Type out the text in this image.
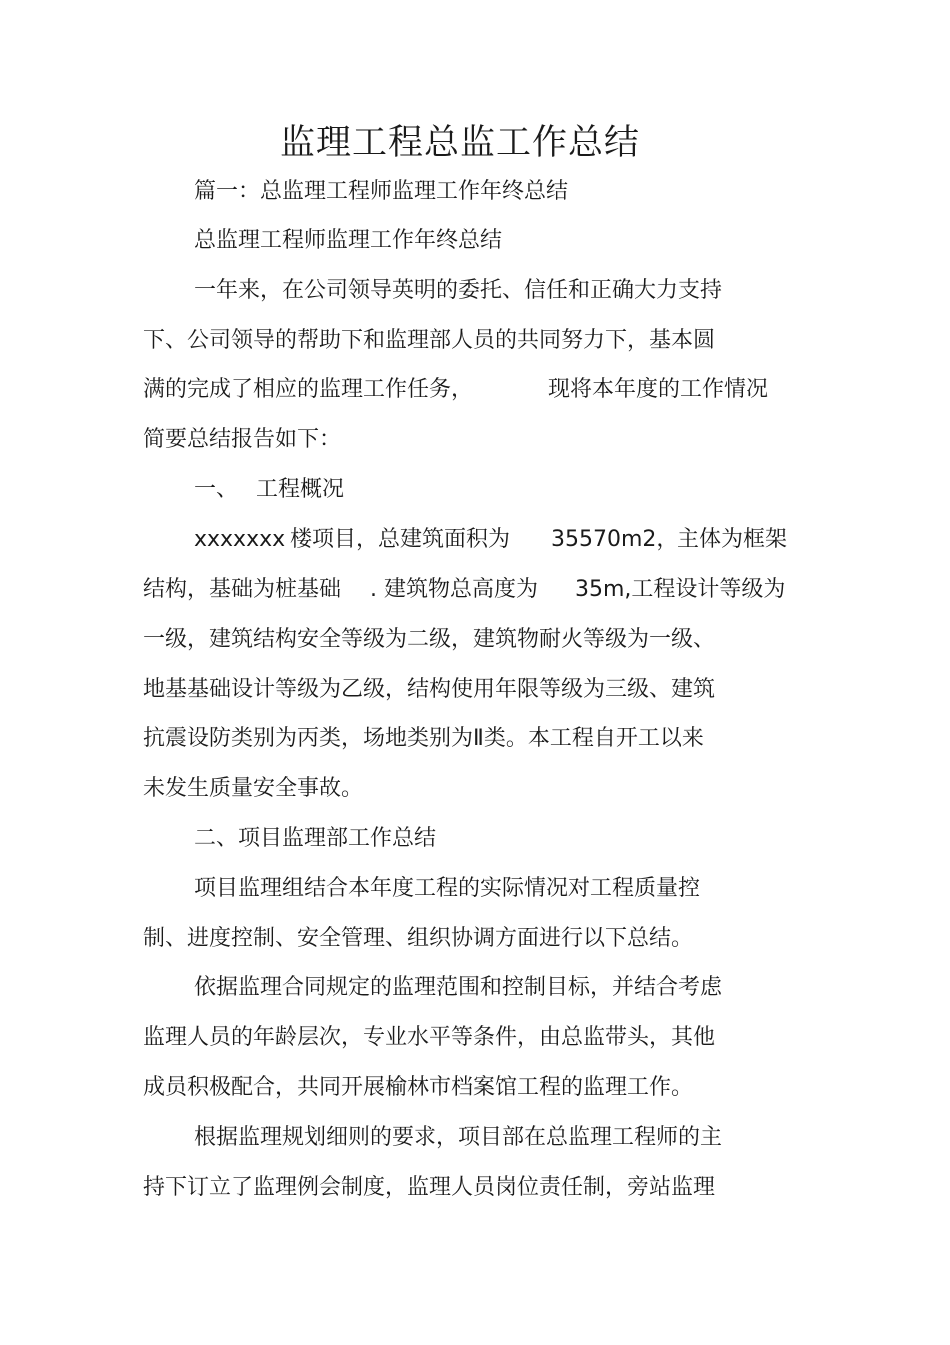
监理工程总监工作总结
篇一：总监理工程师监理工作年终总结
总监理工程师监理工作年终总结
一年来，在公司领导英明的委托、信任和正确大力支持
下、公司领导的帮助下和监理部人员的共同努力下，基本圆
满的完成了相应的监理工作任务，	现将本年度的工作情况
简要总结报告如下：
一、 工程概况
xxxxxxx 楼项目，总建筑面积为 35570m2，
主体为框架
结构，基础为桩基础 . 建筑物总高度为 35m,工程设计等级为
一级，建筑结构安全等级为二级，建筑物耐火等级为一级、
地基基础设计等级为乙级，结构使用年限等级为三级、建筑
抗震设防类别为丙类，场地类别为Ⅱ类。本工程自开工以来
未发生质量安全事故。
二、项目监理部工作总结
项目监理组结合本年度工程的实际情况对工程质量控
制、进度控制、安全管理、组织协调方面进行以下总结。
依据监理合同规定的监理范围和控制目标，并结合考虑
监理人员的年龄层次，专业水平等条件，由总监带头，其他
成员积极配合，共同开展榆林市档案馆工程的监理工作。
根据监理规划细则的要求，项目部在总监理工程师的主
持下订立了监理例会制度，监理人员岗位责任制，旁站监理
